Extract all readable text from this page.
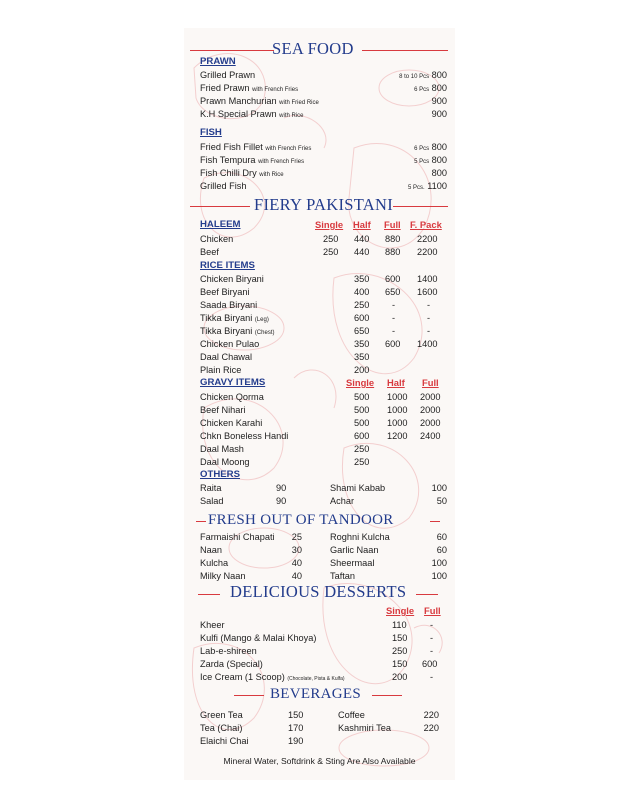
SEA FOOD
PRAWN
Grilled Prawn	8 to 10 Pcs 800
Fried Prawn with French Fries	6 Pcs 800
Prawn Manchurian with Fried Rice	900
K.H Special Prawn with Rice	900
FISH
Fried Fish Fillet with French Fries	6 Pcs 800
Fish Tempura with French Fries	5 Pcs 800
Fish Chilli Dry with Rice	800
Grilled Fish	5 Pcs. 1100
FIERY PAKISTANI
HALEEM	Single Half Full F. Pack
Chicken	250 440 880 2200
Beef	250 440 880 2200
RICE ITEMS
Chicken Biryani	350 600 1400
Beef Biryani	400 650 1600
Saada Biryani	250 -	-
Tikka Biryani (Leg)	600 -	-
Tikka Biryani (Chest)	650 -	-
Chicken Pulao	350 600 1400
Daal Chawal	350
Plain Rice	200
GRAVY ITEMS	Single Half Full
Chicken Qorma	500 1000 2000
Beef Nihari	500 1000 2000
Chicken Karahi	500 1000 2000
Chkn Boneless Handi	600 1200 2400
Daal Mash	250
Daal Moong	250
OTHERS
Raita	90	Shami Kabab	100
Salad	90	Achar	50
FRESH OUT OF TANDOOR
Farmaishi Chapati	25	Roghni Kulcha	60
Naan	30	Garlic Naan	60
Kulcha	40	Sheermaal	100
Milky Naan	40	Taftan	100
DELICIOUS DESSERTS
Single Full
Kheer	110	-
Kulfi (Mango & Malai Khoya)	150 -
Lab-e-shireen	250 -
Zarda (Special)	150 600
Ice Cream (1 Scoop) (Chocolate, Pista & Kulfa)	200 -
BEVERAGES
Green Tea	150	Coffee	220
Tea (Chai)	170	Kashmiri Tea	220
Elaichi Chai	190
Mineral Water, Softdrink & Sting Are Also Available
